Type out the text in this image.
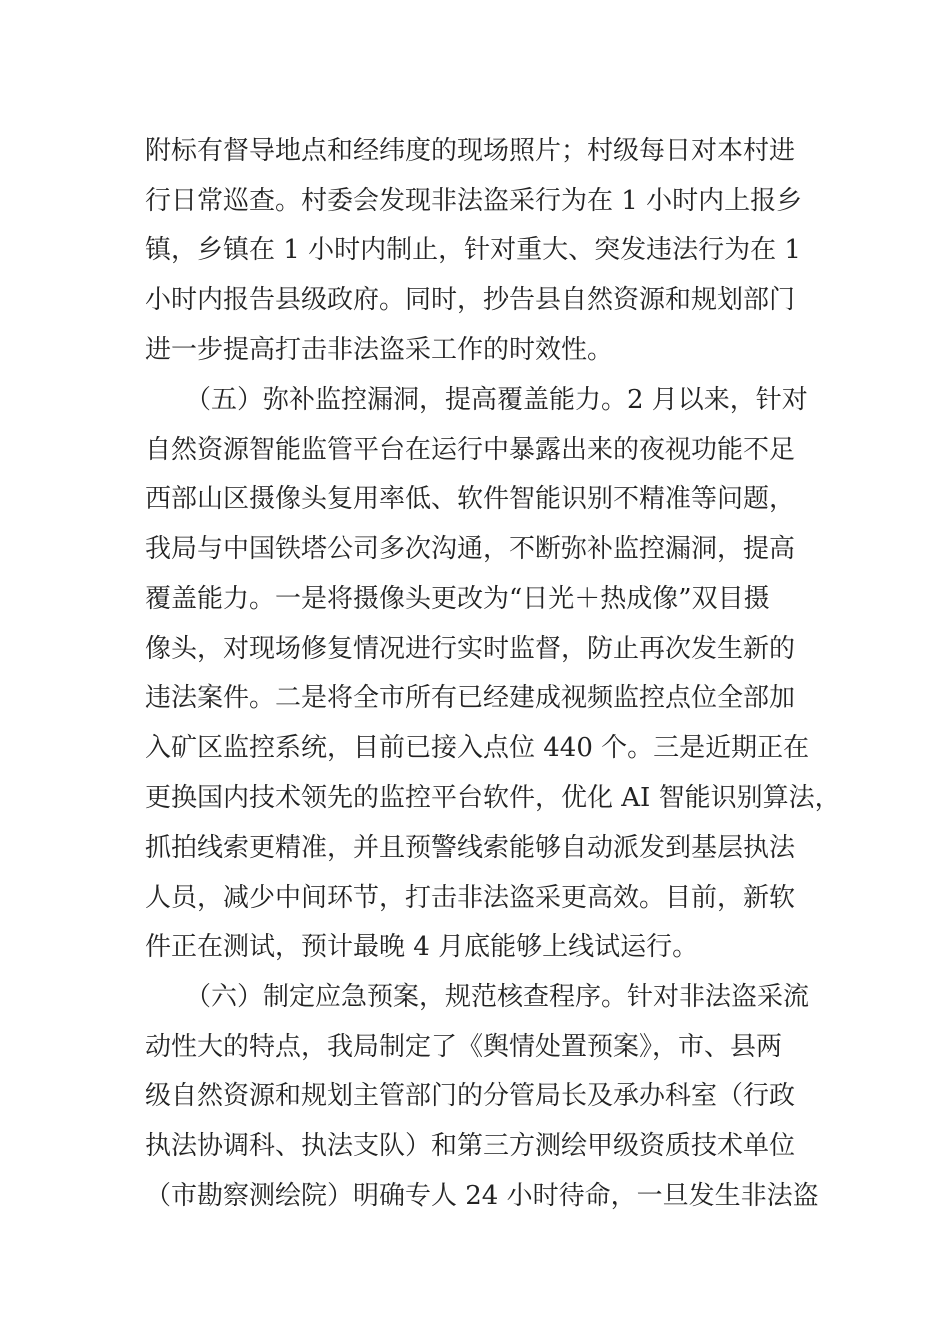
附标有督导地点和经纬度的现场照片；村级每日对本村进
行日常巡查。村委会发现非法盗采行为在 1 小时内上报乡
镇，乡镇在 1 小时内制止，针对重大、突发违法行为在 1
小时内报告县级政府。同时，抄告县自然资源和规划部门
进一步提高打击非法盗采工作的时效性。
（五）弥补监控漏洞，提高覆盖能力。2 月以来，针对
自然资源智能监管平台在运行中暴露出来的夜视功能不足
西部山区摄像头复用率低、软件智能识别不精准等问题，
我局与中国铁塔公司多次沟通，不断弥补监控漏洞，提高
覆盖能力。一是将摄像头更改为“日光＋热成像”双目摄
像头，对现场修复情况进行实时监督，防止再次发生新的
违法案件。二是将全市所有已经建成视频监控点位全部加
入矿区监控系统，目前已接入点位 440 个。三是近期正在
更换国内技术领先的监控平台软件，优化 AI 智能识别算法，
抓拍线索更精准，并且预警线索能够自动派发到基层执法
人员，减少中间环节，打击非法盗采更高效。目前，新软
件正在测试，预计最晚 4 月底能够上线试运行。
（六）制定应急预案，规范核查程序。针对非法盗采流
动性大的特点，我局制定了《舆情处置预案》，市、县两
级自然资源和规划主管部门的分管局长及承办科室（行政
执法协调科、执法支队）和第三方测绘甲级资质技术单位
（市勘察测绘院）明确专人 24 小时待命，一旦发生非法盗
